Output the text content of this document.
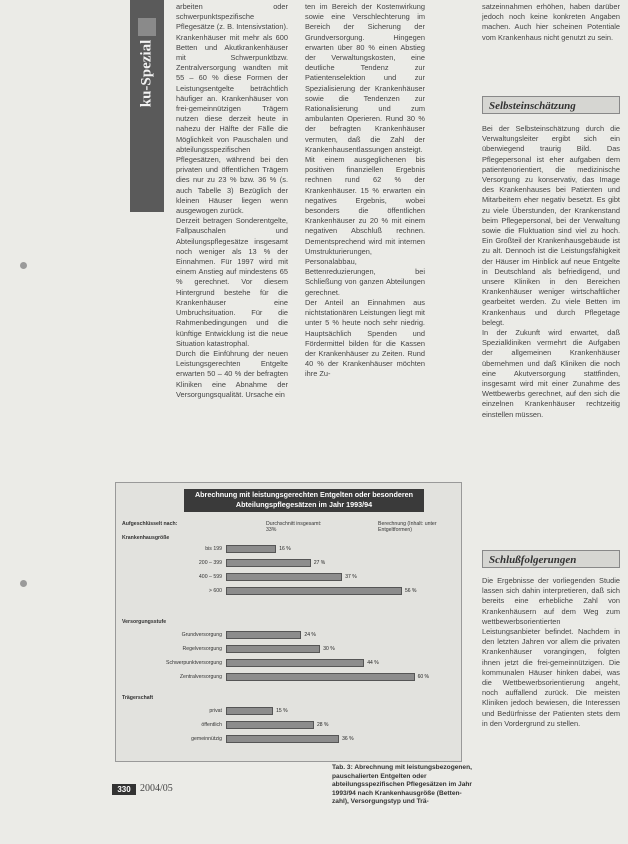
ku-Spezial

arbeiten oder schwerpunktspezifische Pflegesätze (z. B. Intensivstation). Krankenhäuser mit mehr als 600 Betten und Akutkrankenhäuser mit Schwerpunktbzw. Zentralversorgung wandten mit 55 – 60 % diese Formen der Leistungsentgelte beträchtlich häufiger an. Krankenhäuser von frei-gemeinnützigen Trägern nutzen diese derzeit heute in nahezu der Hälfte der Fälle die Möglichkeit von Pauschalen und abteilungsspezifischen Pflegesätzen, während bei den privaten und öffentlichen Trägern dies nur zu 23 % bzw. 36 % (s. auch Tabelle 3) Bezüglich der kleinen Häuser liegen wenn ausgewogen zurück.

Derzeit betragen Sonderentgelte, Fallpauschalen und Abteilungspflegesätze insgesamt noch weniger als 13 % der Einnahmen. Für 1997 wird mit einem Anstieg auf mindestens 65 % gerechnet. Vor diesem Hintergrund bestehe für die Krankenhäuser eine Umbruchsituation. Für die Rahmenbedingungen und die künftige Entwicklung ist die neue Situation katastrophal.

Durch die Einführung der neuen Leistungsgerechten Entgelte erwarten 50 – 40 % der befragten Kliniken eine Abnahme der Versorgungsqualität. Ursache ein

ten im Bereich der Kostenwirkung sowie eine Verschlechterung im Bereich der Sicherung der Grundversorgung. Hingegen erwarten über 80 % einen Abstieg der Verwaltungskosten, eine deutliche Tendenz zur Patientenselektion und zur Spezialisierung der Krankenhäuser sowie die Tendenzen zur Rationalisierung und zum ambulanten Operieren. Rund 30 % der befragten Krankenhäuser vermuten, daß die Zahl der Krankenhausentlassungen ansteigt.

Mit einem ausgeglichenen bis positiven finanziellen Ergebnis rechnen rund 62 % der Krankenhäuser. 15 % erwarten ein negatives Ergebnis, wobei besonders die öffentlichen Krankenhäuser zu 20 % mit einem negativen Abschluß rechnen. Dementsprechend wird mit internen Umstrukturierungen, Personalabbau, Bettenreduzierungen, bei Schließung von ganzen Abteilungen gerechnet.

Der Anteil an Einnahmen aus nichtstationären Leistungen liegt mit unter 5 % heute noch sehr niedrig. Hauptsächlich Spenden und Fördermittel bilden für die Kassen der Krankenhäuser zu Zeiten. Rund 40 % der Krankenhäuser möchten ihre Zu-

satzeinnahmen erhöhen, haben darüber jedoch noch keine konkreten Angaben machen. Auch hier scheinen Potentiale vom Krankenhaus nicht genutzt zu sein.

Selbsteinschätzung

Bei der Selbsteinschätzung durch die Verwaltungsleiter ergibt sich ein überwiegend traurig Bild. Das Pflegepersonal ist eher aufgaben dem patientenorientiert, die medizinische Versorgung zu konservativ, das Image des Krankenhauses bei Patienten und Mitarbeitern eher negativ besetzt. Es gibt zu viele Überstunden, der Krankenstand beim Pflegepersonal, bei der Verwaltung sowie die Fluktuation sind viel zu hoch. Ein Großteil der Krankenhausgebäude ist zu alt. Dennoch ist die Leistungsfähigkeit der Häuser im Hinblick auf neue Entgelte in Deutschland als befriedigend, und unsere Kliniken in den Bereichen Krankenhäuser weniger wirtschaftlicher gearbeitet werden. Zu viele Betten im Krankenhaus und durch Pflegetage belegt.

In der Zukunft wird erwartet, daß Spezialkliniken vermehrt die Aufgaben der allgemeinen Krankenhäuser übernehmen und daß Kliniken die noch eine Akutversorgung stattfinden, insgesamt wird mit einer Zunahme des Wettbewerbs gerechnet, auf den sich die einzelnen Krankenhäuser rechtzeitig einstellen müssen.

Schlußfolgerungen

Die Ergebnisse der vorliegenden Studie lassen sich dahin interpretieren, daß sich bereits eine erhebliche Zahl von Krankenhäusern auf dem Weg zum wettbewerbsorientierten Leistungsanbieter befindet. Nachdem in den letzten Jahren vor allem die privaten Krankenhäuser vorangingen, folgten ihnen jetzt die frei-gemeinnützigen. Die kommunalen Häuser hinken dabei, was die Wettbewerbsorientierung angeht, noch auffallend zurück. Die meisten Kliniken jedoch bewiesen, die Interessen und Bedürfnisse der Patienten stets dem in den Vordergrund zu stellen.

Abrechnung mit leistungsgerechten Entgelten oder besonderen Abteilungspflegesätzen im Jahr 1993/94
Aufgeschlüsselt nach:
Krankenhausgröße
Durchschnitt insgesamt: 33%
Berechnung (Inhalt: unter Entgeltformen)
Versorgungsstufe
Trägerschaft
bis 199	16 %
200 – 399	27 %
400 – 599	37 %
> 600	56 %
Grundversorgung	24 %
Regelversorgung	30 %
Schwerpunktversorgung	44 %
Zentralversorgung	60 %
privat	15 %
öffentlich	28 %
gemeinnützig	36 %
Tab. 3: Abrechnung mit leistungsbezogenen, pauschalierten Entgelten oder abteilungsspezifischen Pflegesätzen im Jahr 1993/94 nach Krankenhausgröße (Bettenzahl), Versorgungstyp und Trä-
330 2004/05
